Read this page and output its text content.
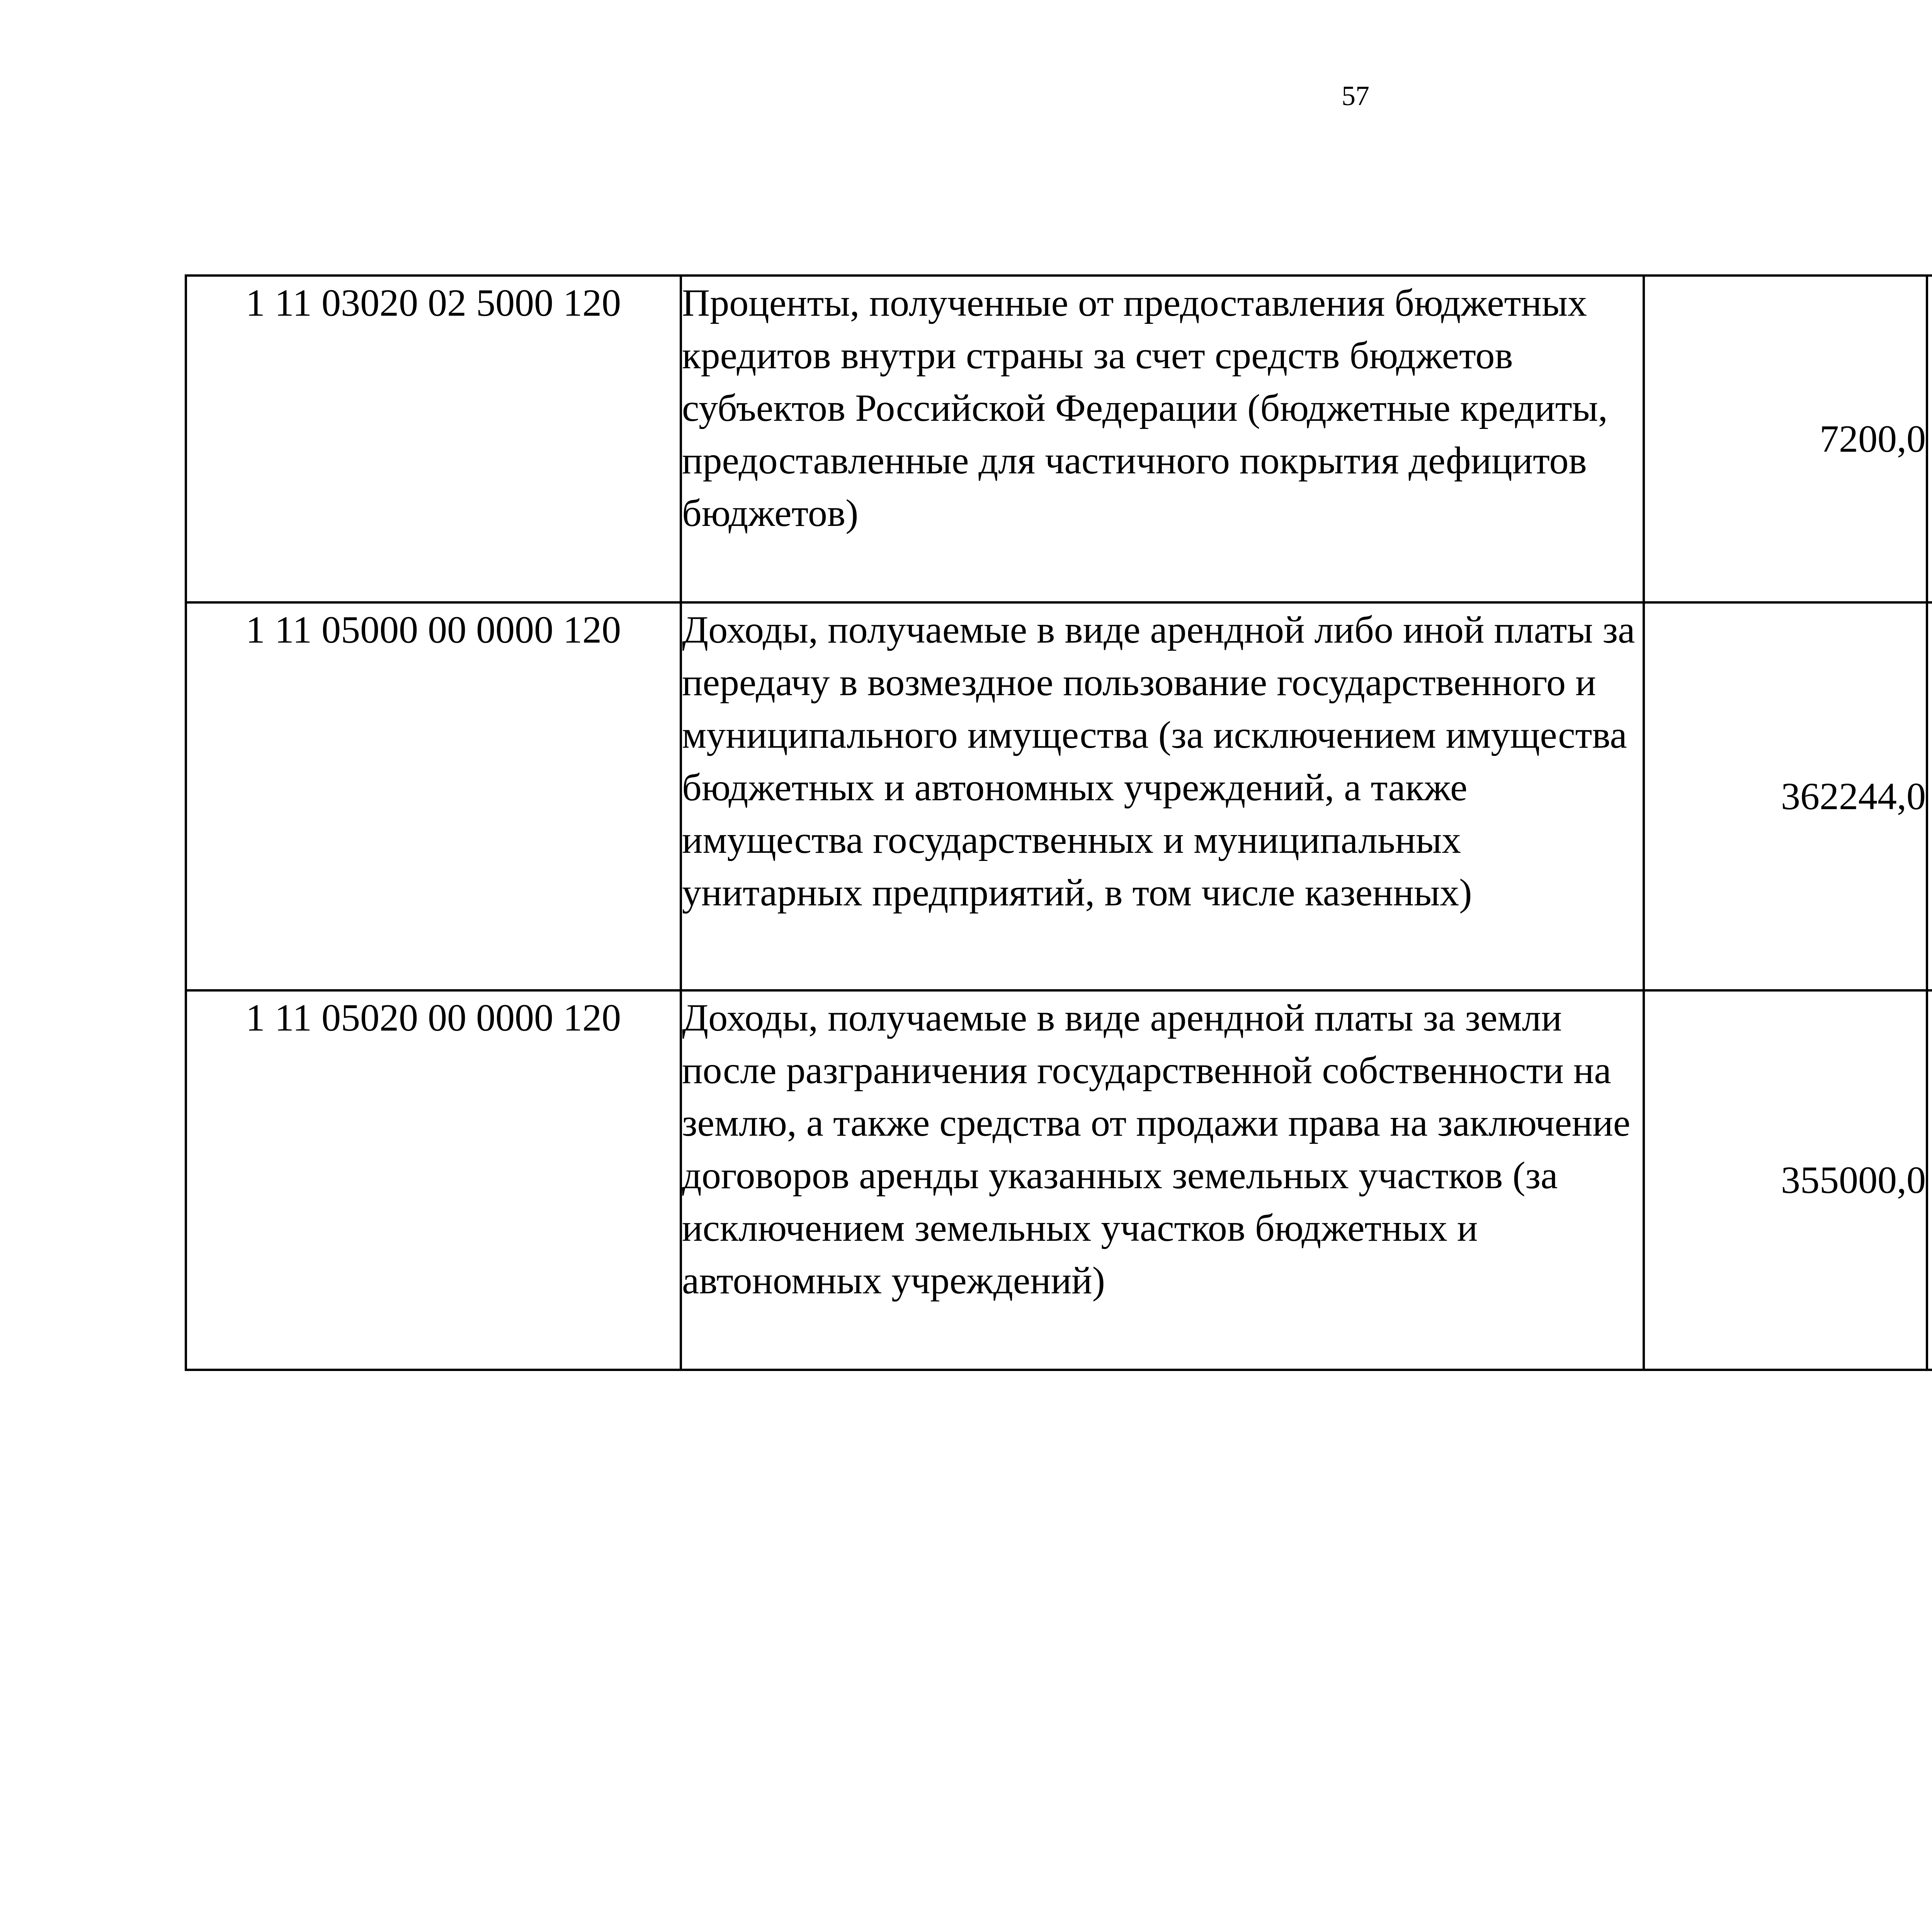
57
1 11 03020 02 5000 120	Проценты, полученные от предоставления бюджетных кредитов внутри страны за счет средств бюджетов субъектов Российской Федерации (бюджетные кредиты, предоставленные для частичного покрытия дефицитов бюджетов)	7200,0		
1 11 05000 00 0000 120	Доходы, получаемые в виде арендной либо иной платы за передачу в возмездное пользование государственного и муниципального имущества (за исключением имущества бюджетных и автономных учреждений, а также имущества государственных и муниципальных унитарных предприятий, в том числе казенных)	362244,0		
1 11 05020 00 0000 120	Доходы, получаемые в виде арендной платы за земли после разграничения государственной собственности на землю, а также средства от продажи права на заключение договоров аренды указанных земельных участков (за исключением земельных участков бюджетных и автономных учреждений)	355000,0		
